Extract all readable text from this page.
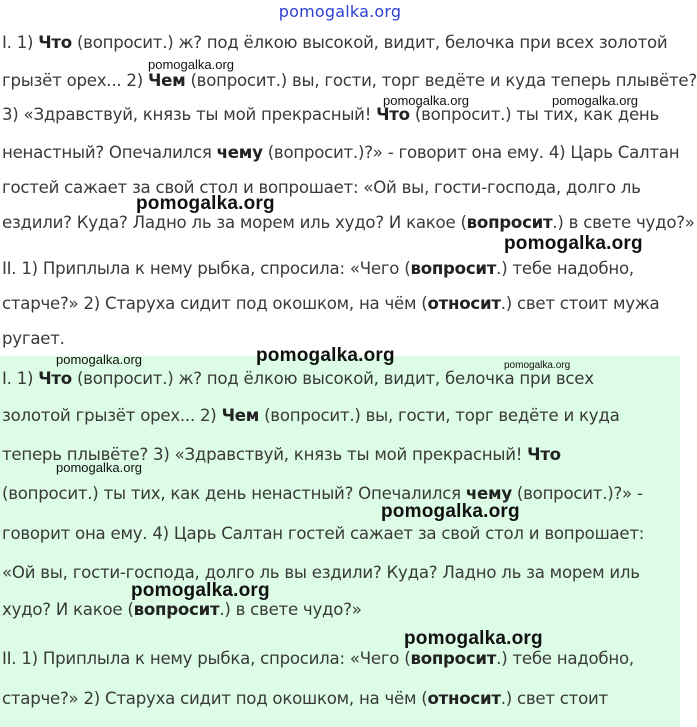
pomogalka.org
I. 1) Что (вопросит.) ж? под ёлкою высокой, видит, белочка при всех золотой
грызёт орех... 2) Чем (вопросит.) вы, гости, торг ведёте и куда теперь плывёте?
3) «Здравствуй, князь ты мой прекрасный! Что (вопросит.) ты тих, как день
ненастный? Опечалился чему (вопросит.)?» - говорит она ему. 4) Царь Салтан
гостей сажает за свой стол и вопрошает: «Ой вы, гости-господа, долго ль
ездили? Куда? Ладно ль за морем иль худо? И какое (вопросит.) в свете чудо?»
II. 1) Приплыла к нему рыбка, спросила: «Чего (вопросит.) тебе надобно,
старче?» 2) Старуха сидит под окошком, на чём (относит.) свет стоит мужа
ругает.
I. 1) Что (вопросит.) ж? под ёлкою высокой, видит, белочка при всех
золотой грызёт орех... 2) Чем (вопросит.) вы, гости, торг ведёте и куда
теперь плывёте? 3) «Здравствуй, князь ты мой прекрасный! Что
(вопросит.) ты тих, как день ненастный? Опечалился чему (вопросит.)?» -
говорит она ему. 4) Царь Салтан гостей сажает за свой стол и вопрошает:
«Ой вы, гости-господа, долго ль вы ездили? Куда? Ладно ль за морем иль
худо? И какое (вопросит.) в свете чудо?»
II. 1) Приплыла к нему рыбка, спросила: «Чего (вопросит.) тебе надобно,
старче?» 2) Старуха сидит под окошком, на чём (относит.) свет стоит
pomogalka.org
pomogalka.org	pomogalka.org
pomogalka.org
pomogalka.org
pomogalka.org	pomogalka.org	pomogalka.org
pomogalka.org
pomogalka.org
pomogalka.org
pomogalka.org
